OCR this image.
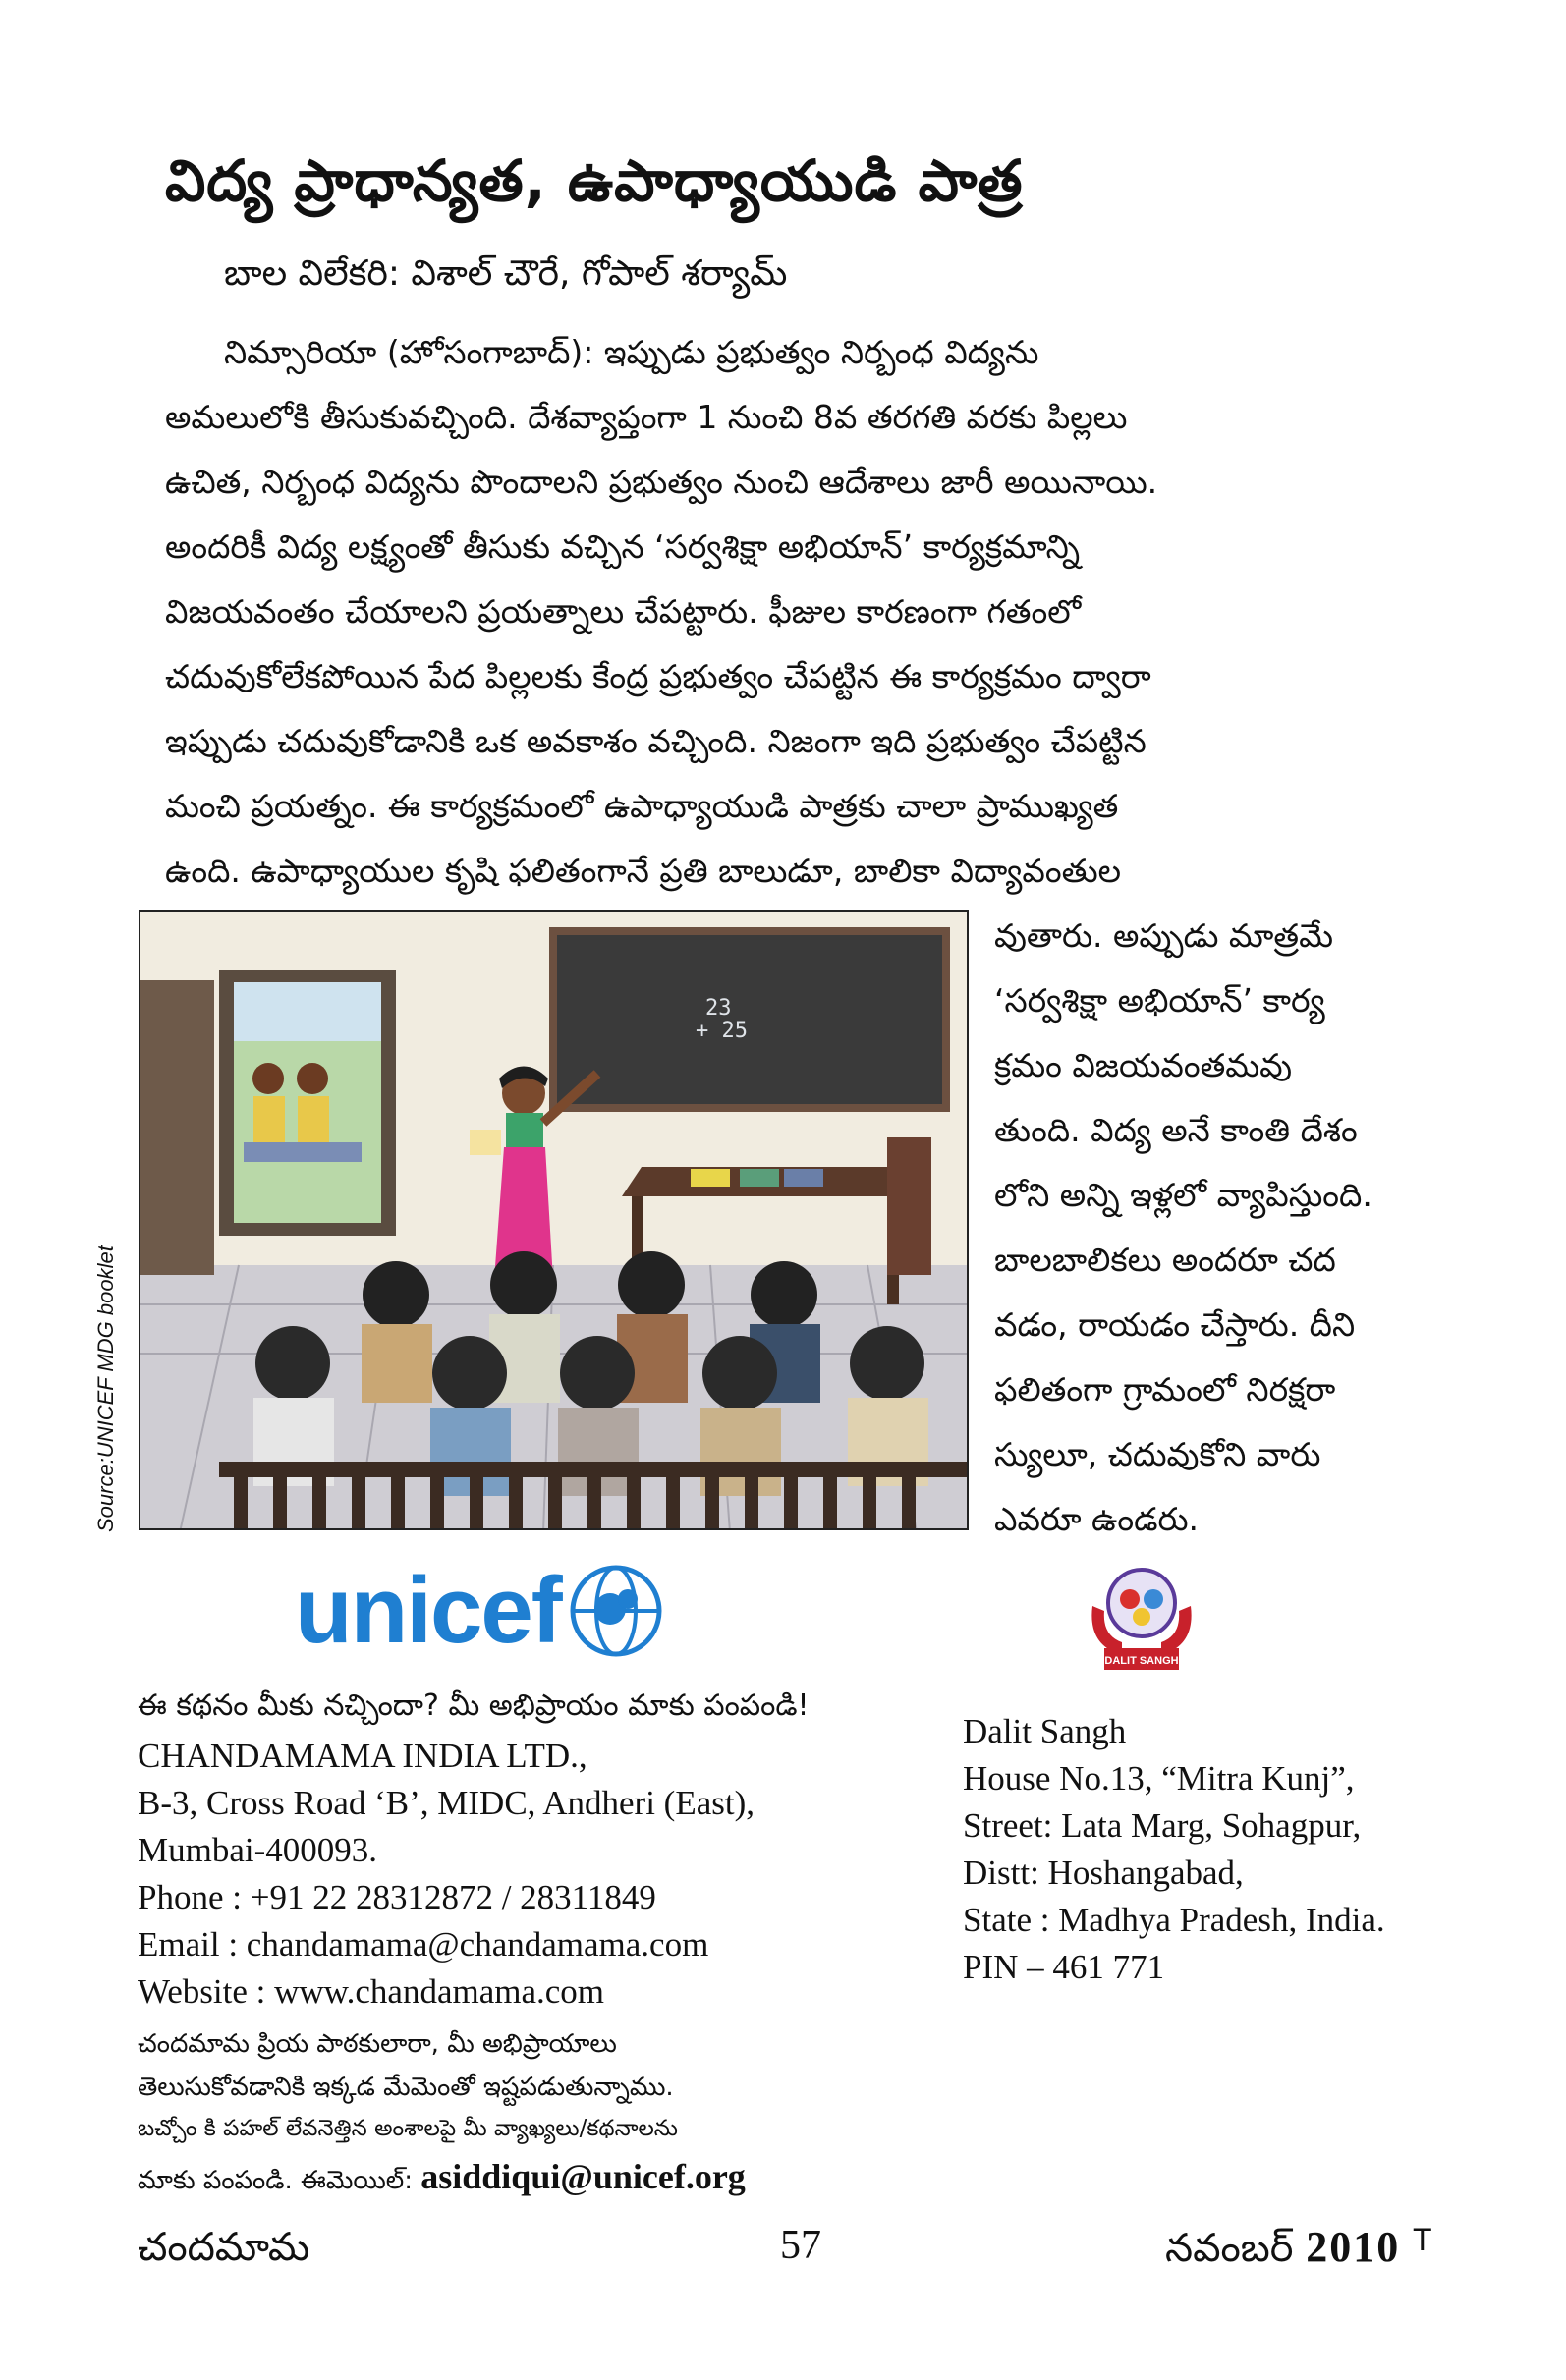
విద్య ప్రాధాన్యత, ఉపాధ్యాయుడి పాత్ర
బాల విలేకరి: విశాల్ చౌరే, గోపాల్ శర్యామ్
నిమ్సారియా (హోసంగాబాద్): ఇప్పుడు ప్రభుత్వం నిర్బంధ విద్యను
అమలులోకి తీసుకువచ్చింది. దేశవ్యాప్తంగా 1 నుంచి 8వ తరగతి వరకు పిల్లలు
ఉచిత, నిర్బంధ విద్యను పొందాలని ప్రభుత్వం నుంచి ఆదేశాలు జారీ అయినాయి.
అందరికీ విద్య లక్ష్యంతో తీసుకు వచ్చిన ‘సర్వశిక్షా అభియాన్’ కార్యక్రమాన్ని
విజయవంతం చేయాలని ప్రయత్నాలు చేపట్టారు. ఫీజుల కారణంగా గతంలో
చదువుకోలేకపోయిన పేద పిల్లలకు కేంద్ర ప్రభుత్వం చేపట్టిన ఈ కార్యక్రమం ద్వారా
ఇప్పుడు చదువుకోడానికి ఒక అవకాశం వచ్చింది. నిజంగా ఇది ప్రభుత్వం చేపట్టిన
మంచి ప్రయత్నం. ఈ కార్యక్రమంలో ఉపాధ్యాయుడి పాత్రకు చాలా ప్రాముఖ్యత
ఉంది. ఉపాధ్యాయుల కృషి ఫలితంగానే ప్రతి బాలుడూ, బాలికా విద్యావంతుల
వుతారు. అప్పుడు మాత్రమే
‘సర్వశిక్షా అభియాన్’ కార్య
క్రమం విజయవంతమవు
తుంది. విద్య అనే కాంతి దేశం
లోని అన్ని ఇళ్లలో వ్యాపిస్తుంది.
బాలబాలికలు అందరూ చద
వడం, రాయడం చేస్తారు. దీని
ఫలితంగా గ్రామంలో నిరక్షరా
స్యులూ, చదువుకోని వారు
ఎవరూ ఉండరు.
23
+ 25
Source:UNICEF MDG booklet
unicef	DALIT SANGH
ఈ కథనం మీకు నచ్చిందా? మీ అభిప్రాయం మాకు పంపండి!
CHANDAMAMA INDIA LTD.,
B-3, Cross Road ‘B’, MIDC, Andheri (East),
Mumbai-400093.
Phone : +91 22 28312872 / 28311849
Email : chandamama@chandamama.com
Website : www.chandamama.com
చందమామ ప్రియ పాఠకులారా, మీ అభిప్రాయాలు
తెలుసుకోవడానికి ఇక్కడ మేమెంతో ఇష్టపడుతున్నాము.
బచ్చోం కి పహల్ లేవనెత్తిన అంశాలపై మీ వ్యాఖ్యలు/కథనాలను
మాకు పంపండి. ఈమెయిల్: asiddiqui@unicef.org
Dalit Sangh
House No.13, “Mitra Kunj”,
Street: Lata Marg, Sohagpur,
Distt: Hoshangabad,
State : Madhya Pradesh, India.
PIN – 461 771
చందమామ	57	నవంబర్ 2010 $^T$
